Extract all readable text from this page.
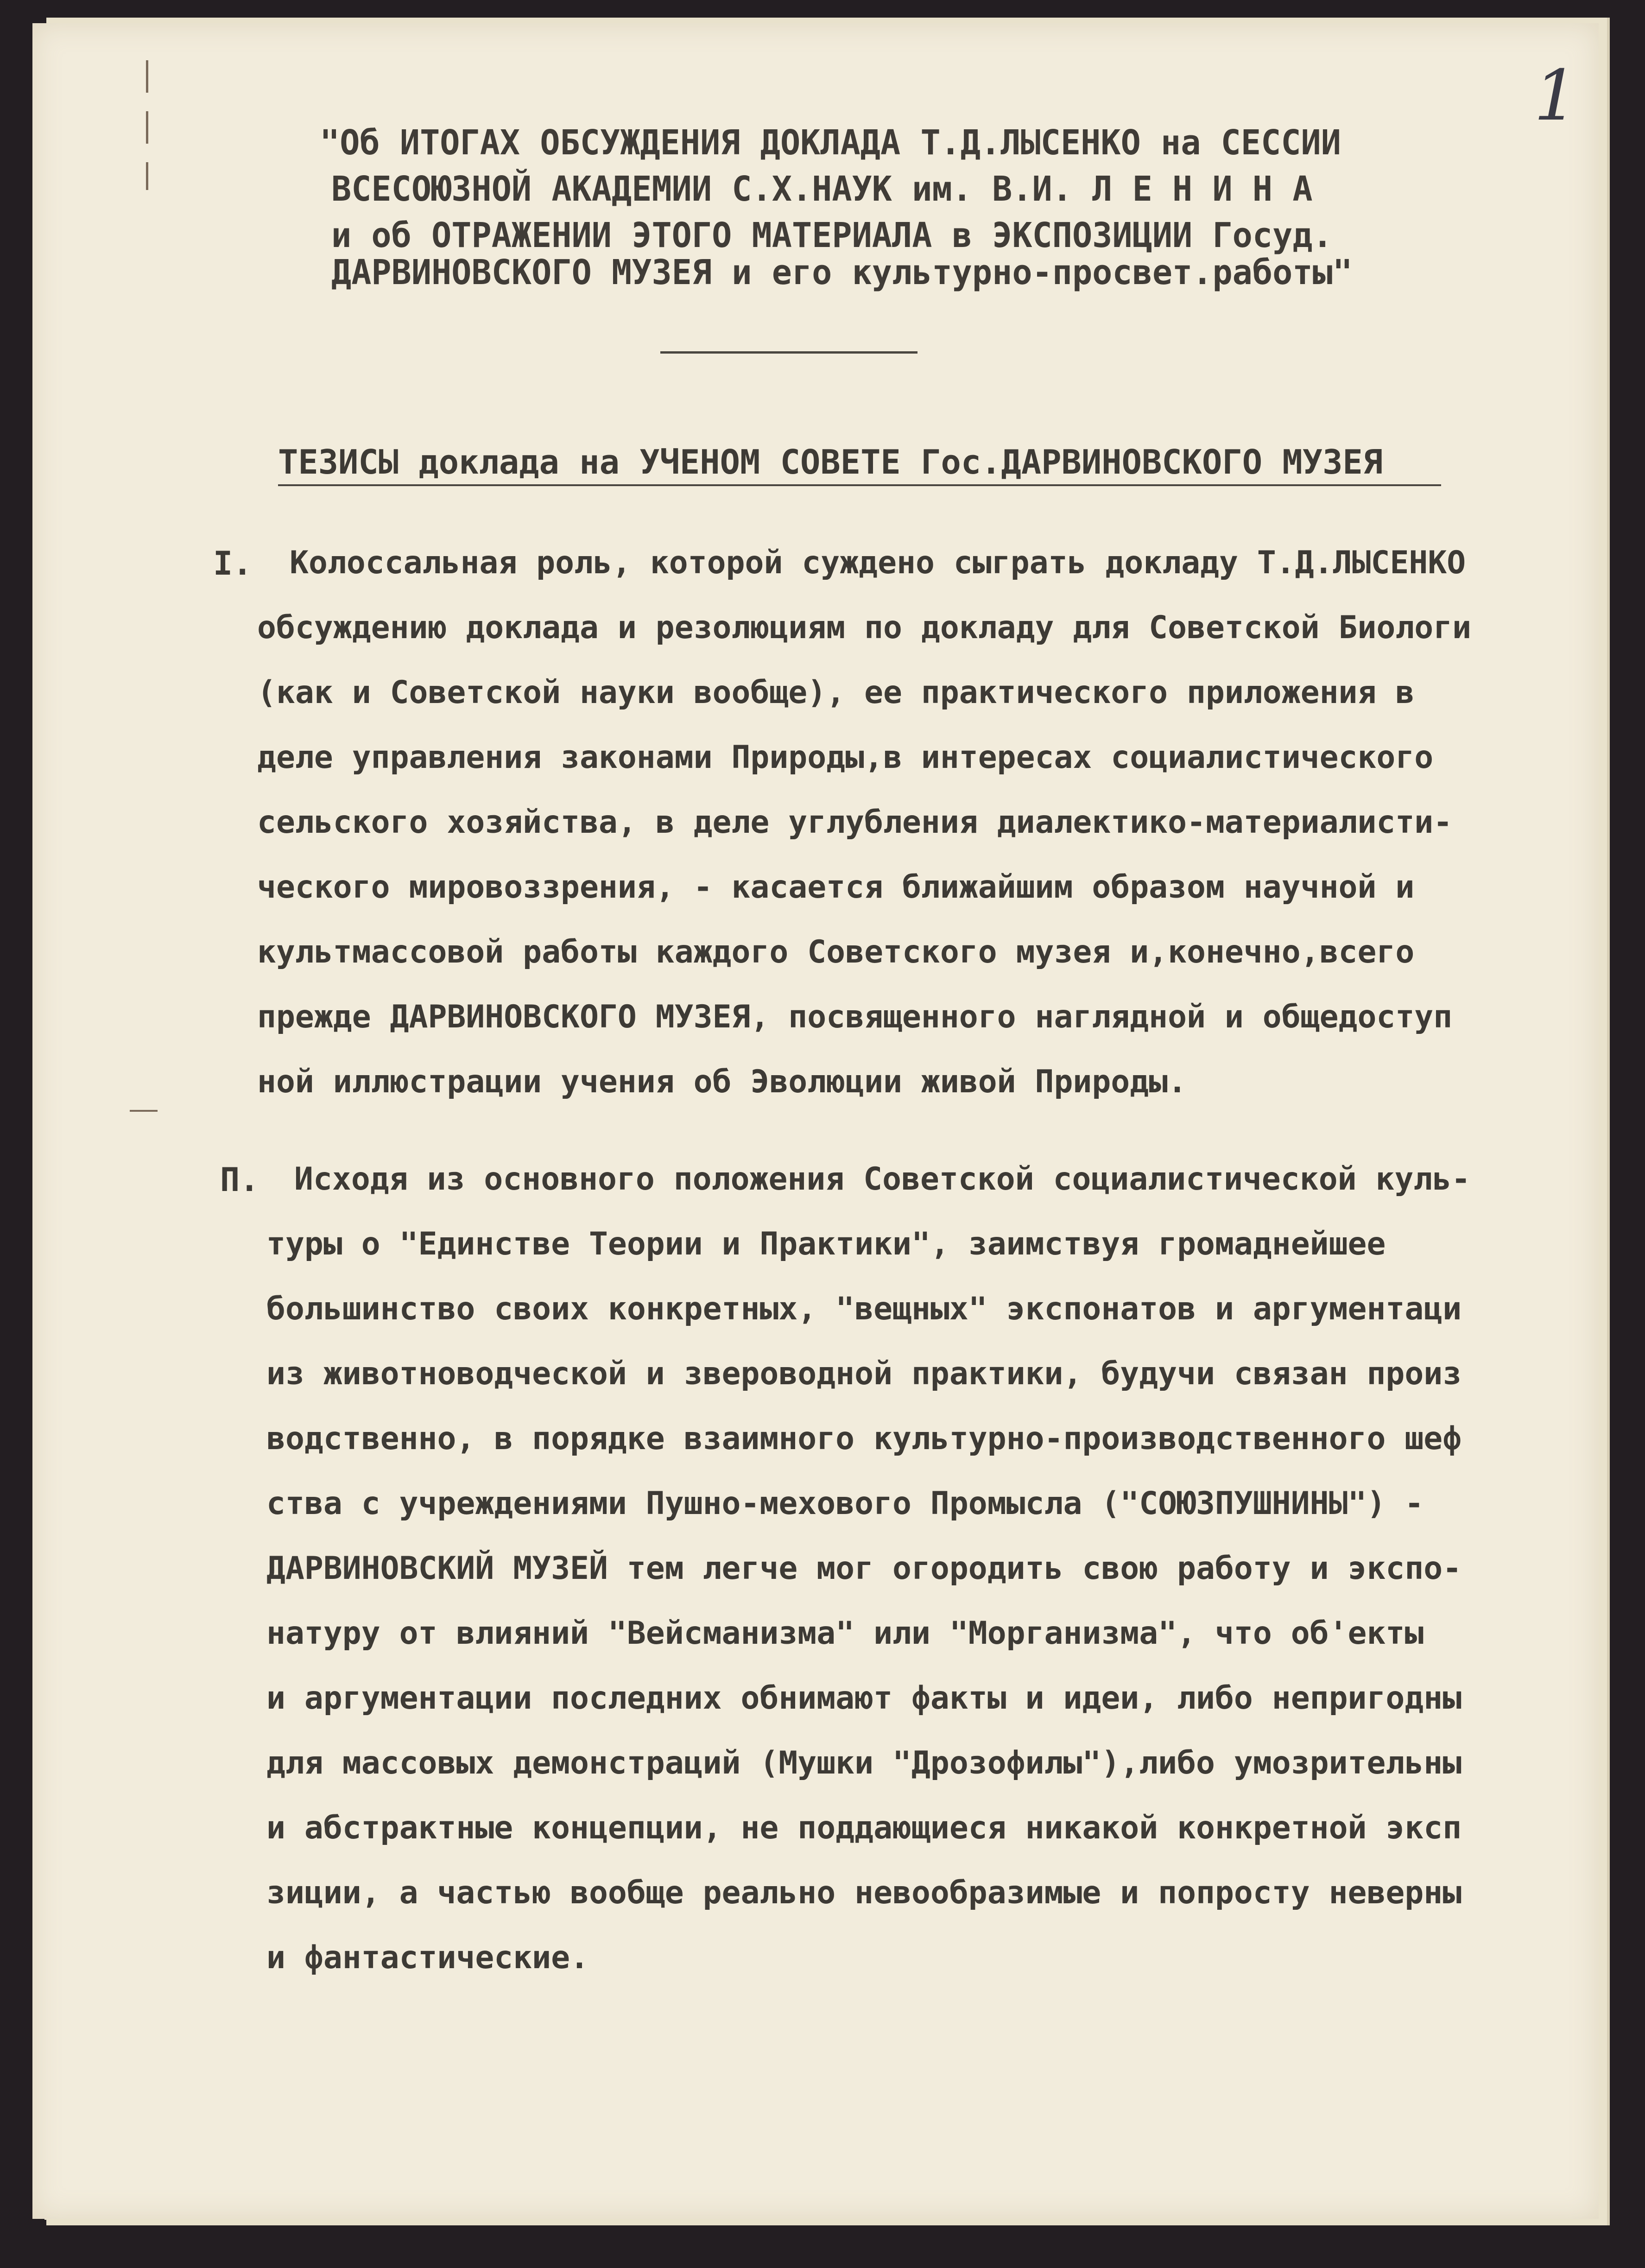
1
"Об ИТОГАХ ОБСУЖДЕНИЯ ДОКЛАДА Т.Д.ЛЫСЕНКО на СЕССИИ
ВСЕСОЮЗНОЙ АКАДЕМИИ С.Х.НАУК им. В.И. Л Е Н И Н А
и об ОТРАЖЕНИИ ЭТОГО МАТЕРИАЛА в ЭКСПОЗИЦИИ Госуд.
ДАРВИНОВСКОГО МУЗЕЯ и его культурно-просвет.работы"
ТЕЗИСЫ доклада на УЧЕНОМ СОВЕТЕ Гос.ДАРВИНОВСКОГО МУЗЕЯ
I. Колоссальная роль, которой суждено сыграть докладу Т.Д.ЛЫСЕНКО
обсуждению доклада и резолюциям по докладу для Советской Биологи
(как и Советской науки вообще), ее практического приложения в
деле управления законами Природы,в интересах социалистического
сельского хозяйства, в деле углубления диалектико-материалисти-
ческого мировоззрения, - касается ближайшим образом научной и
культмассовой работы каждого Советского музея и,конечно,всего
прежде ДАРВИНОВСКОГО МУЗЕЯ, посвященного наглядной и общедоступ
ной иллюстрации учения об Эволюции живой Природы.
П. Исходя из основного положения Советской социалистической куль-
туры о "Единстве Теории и Практики", заимствуя громаднейшее
большинство своих конкретных, "вещных" экспонатов и аргументаци
из животноводческой и звероводной практики, будучи связан произ
водственно, в порядке взаимного культурно-производственного шеф
ства с учреждениями Пушно-мехового Промысла ("СОЮЗПУШНИНЫ") -
ДАРВИНОВСКИЙ МУЗЕЙ тем легче мог огородить свою работу и экспо-
натуру от влияний "Вейсманизма" или "Морганизма", что об'екты
и аргументации последних обнимают факты и идеи, либо непригодны
для массовых демонстраций (Мушки "Дрозофилы"),либо умозрительны
и абстрактные концепции, не поддающиеся никакой конкретной эксп
зиции, а частью вообще реально невообразимые и попросту неверны
и фантастические.
